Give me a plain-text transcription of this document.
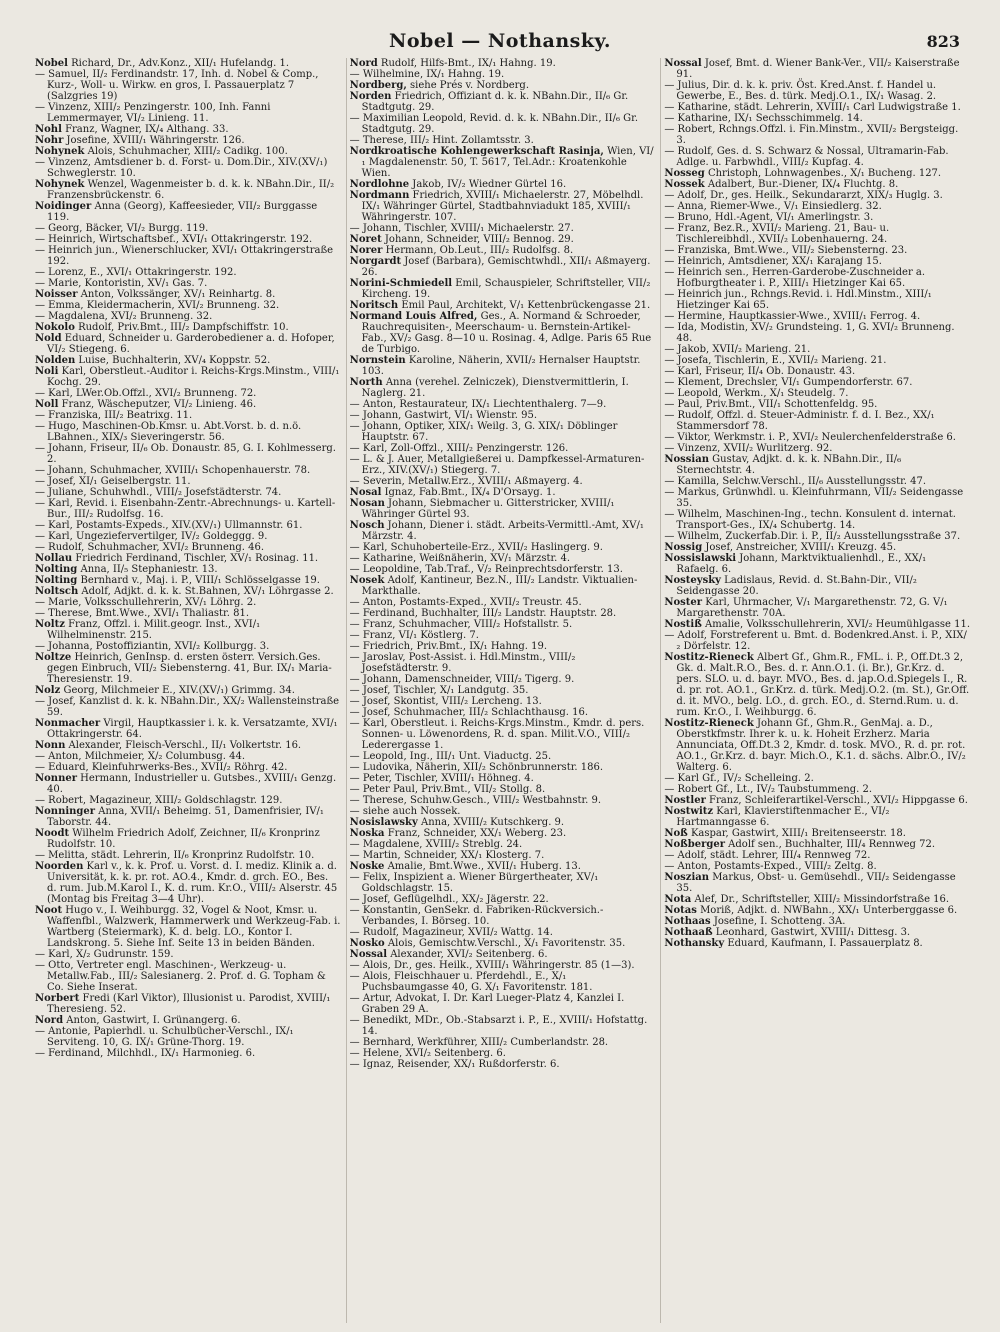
Nobel — Nothansky.	823

Nobel Richard, Dr., Adv.Konz., XII/₁ Hufelandg. 1.

— Samuel, II/₂ Ferdinandstr. 17, Inh. d. Nobel & Comp., Kurz-, Woll- u. Wirkw. en gros, I. Passauerplatz 7 (Salzgries 19)

— Vinzenz, XIII/₂ Penzingerstr. 100, Inh. Fanni Lemmermayer, VI/₂ Linieng. 11.

Nohl Franz, Wagner, IX/₄ Althang. 33.

Nohr Josefine, XVIII/₁ Währingerstr. 126.

Nohynek Alois, Schuhmacher, XIII/₂ Cadikg. 100.

— Vinzenz, Amtsdiener b. d. Forst- u. Dom.Dir., XIV.(XV/₁) Schweglerstr. 10.

Nohynek Wenzel, Wagenmeister b. d. k. k. NBahn.Dir., II/₂ Franzensbrückenstr. 6.

Noidinger Anna (Georg), Kaffeesieder, VII/₂ Burggasse 119.

— Georg, Bäcker, VI/₂ Burgg. 119.

— Heinrich, Wirtschaftsbef., XVI/₁ Ottakringerstr. 192.

— Heinrich jun., Wienerschlucker, XVI/₁ Ottakringerstraße 192.

— Lorenz, E., XVI/₁ Ottakringerstr. 192.

— Marie, Kontoristin, XV/₁ Gas. 7.

Noisser Anton, Volkssänger, XV/₁ Reinhartg. 8.

— Emma, Kleidermacherin, XVI/₂ Brunneng. 32.

— Magdalena, XVI/₂ Brunneng. 32.

Nokolo Rudolf, Priv.Bmt., III/₂ Dampfschiffstr. 10.

Nold Eduard, Schneider u. Garderobediener a. d. Hofoper, VI/₂ Stiegeng. 6.

Nolden Luise, Buchhalterin, XV/₄ Koppstr. 52.

Noli Karl, Oberstleut.-Auditor i. Reichs-Krgs.Minstm., VIII/₁ Kochg. 29.

— Karl, LWer.Ob.Offzl., XVI/₂ Brunneng. 72.

Noll Franz, Wäscheputzer, VI/₂ Linieng. 46.

— Franziska, III/₂ Beatrixg. 11.

— Hugo, Maschinen-Ob.Kmsr. u. Abt.Vorst. b. d. n.ö. LBahnen., XIX/₃ Sieveringerstr. 56.

— Johann, Friseur, II/₆ Ob. Donaustr. 85, G. I. Kohlmesserg. 2.

— Johann, Schuhmacher, XVIII/₁ Schopenhauerstr. 78.

— Josef, XI/₁ Geiselbergstr. 11.

— Juliane, Schuhwhdl., VIII/₂ Josefstädterstr. 74.

— Karl, Revid. i. Eisenbahn-Zentr.-Abrechnungs- u. Kartell-Bur., III/₂ Rudolfsg. 16.

— Karl, Postamts-Expeds., XIV.(XV/₁) Ullmannstr. 61.

— Karl, Ungeziefervertilger, IV/₂ Goldeggg. 9.

— Rudolf, Schuhmacher, XVI/₂ Brunneng. 46.

Nollau Friedrich Ferdinand, Tischler, XV/₁ Rosinag. 11.

Nolting Anna, II/₅ Stephaniestr. 13.

Nolting Bernhard v., Maj. i. P., VIII/₁ Schlösselgasse 19.

Noltsch Adolf, Adjkt. d. k. k. St.Bahnen, XV/₁ Löhrgasse 2.

— Marie, Volksschullehrerin, XV/₁ Löhrg. 2.

— Therese, Bmt.Wwe., XVI/₁ Thaliastr. 81.

Noltz Franz, Offzl. i. Milit.geogr. Inst., XVI/₁ Wilhelminenstr. 215.

— Johanna, Postoffiziantin, XVI/₂ Kollburgg. 3.

Noltze Heinrich, GenInsp. d. ersten österr. Versich.Ges. gegen Einbruch, VII/₂ Siebensterng. 41, Bur. IX/₁ Maria-Theresienstr. 19.

Nolz Georg, Milchmeier E., XIV.(XV/₁) Grimmg. 34.

— Josef, Kanzlist d. k. k. NBahn.Dir., XX/₂ Wallensteinstraße 59.

Nonmacher Virgil, Hauptkassier i. k. k. Versatzamte, XVI/₁ Ottakringerstr. 64.

Nonn Alexander, Fleisch-Verschl., II/₁ Volkertstr. 16.

— Anton, Milchmeier, X/₂ Columbusg. 44.

— Eduard, Kleinfuhrwerks-Bes., XVII/₂ Röhrg. 42.

Nonner Hermann, Industrieller u. Gutsbes., XVIII/₁ Genzg. 40.

— Robert, Magazineur, XIII/₂ Goldschlagstr. 129.

Nonninger Anna, XVII/₁ Beheimg. 51, Damenfrisier, IV/₁ Taborstr. 44.

Noodt Wilhelm Friedrich Adolf, Zeichner, II/₆ Kronprinz Rudolfstr. 10.

— Melitta, städt. Lehrerin, II/₆ Kronprinz Rudolfstr. 10.

Noorden Karl v., k. k. Prof. u. Vorst. d. I. mediz. Klinik a. d. Universität, k. k. pr. rot. AO.4., Kmdr. d. grch. EO., Bes. d. rum. Jub.M.Karol I., K. d. rum. Kr.O., VIII/₂ Alserstr. 45 (Montag bis Freitag 3—4 Uhr).

Noot Hugo v., I. Weihburgg. 32, Vogel & Noot, Kmsr. u. Waffenfbl., Walzwerk, Hammerwerk und Werkzeug-Fab. i. Wartberg (Steiermark), K. d. belg. LO., Kontor I. Landskrong. 5. Siehe Inf. Seite 13 in beiden Bänden.

— Karl, X/₂ Gudrunstr. 159.

— Otto, Vertreter engl. Maschinen-, Werkzeug- u. Metallw.Fab., III/₂ Salesianerg. 2. Prof. d. G. Topham & Co. Siehe Inserat.

Norbert Fredi (Karl Viktor), Illusionist u. Parodist, XVIII/₁ Theresieng. 52.

Nord Anton, Gastwirt, I. Grünangerg. 6.

— Antonie, Papierhdl. u. Schulbücher-Verschl., IX/₁ Serviteng. 10, G. IX/₁ Grüne-Thorg. 19.

— Ferdinand, Milchhdl., IX/₁ Harmonieg. 6.

Nord Rudolf, Hilfs-Bmt., IX/₁ Hahng. 19.

— Wilhelmine, IX/₁ Hahng. 19.

Nordberg, siehe Prés v. Nordberg.

Norden Friedrich, Offiziant d. k. k. NBahn.Dir., II/₆ Gr. Stadtgutg. 29.

— Maximilian Leopold, Revid. d. k. k. NBahn.Dir., II/₆ Gr. Stadtgutg. 29.

— Therese, III/₂ Hint. Zollamtsstr. 3.

Nordkroatische Kohlengewerkschaft Rasinja, Wien, VI/₁ Magdalenenstr. 50, T. 5617, Tel.Adr.: Kroatenkohle Wien.

Nordlohne Jakob, IV/₂ Wiedner Gürtel 16.

Nordmann Friedrich, XVIII/₁ Michaelerstr. 27, Möbelhdl. IX/₁ Währinger Gürtel, Stadtbahnviadukt 185, XVIII/₁ Währingerstr. 107.

— Johann, Tischler, XVIII/₁ Michaelerstr. 27.

Noret Johann, Schneider, VIII/₂ Bennog. 29.

Norer Hermann, Ob.Leut., III/₂ Rudolfsg. 8.

Norgardt Josef (Barbara), Gemischtwhdl., XII/₁ Aßmayerg. 26.

Norini-Schmiedell Emil, Schauspieler, Schriftsteller, VII/₂ Kircheng. 19.

Noritsch Emil Paul, Architekt, V/₁ Kettenbrückengasse 21.

Normand Louis Alfred, Ges., A. Normand & Schroeder, Rauchrequisiten-, Meerschaum- u. Bernstein-Artikel-Fab., XV/₂ Gasg. 8—10 u. Rosinag. 4, Adlge. Paris 65 Rue de Turbigo.

Nornstein Karoline, Näherin, XVII/₂ Hernalser Hauptstr. 103.

North Anna (verehel. Zelniczek), Dienstvermittlerin, I. Naglerg. 21.

— Anton, Restaurateur, IX/₁ Liechtenthalerg. 7—9.

— Johann, Gastwirt, VI/₁ Wienstr. 95.

— Johann, Optiker, XIX/₁ Weilg. 3, G. XIX/₁ Döblinger Hauptstr. 67.

— Karl, Zoll-Offzl., XIII/₂ Penzingerstr. 126.

— L. & J. Auer, Metallgießerei u. Dampfkessel-Armaturen-Erz., XIV.(XV/₁) Stiegerg. 7.

— Severin, Metallw.Erz., XVIII/₁ Aßmayerg. 4.

Nosal Ignaz, Fab.Bmt., IX/₄ D'Orsayg. 1.

Nosan Johann, Siebmacher u. Gitterstricker, XVIII/₁ Währinger Gürtel 93.

Nosch Johann, Diener i. städt. Arbeits-Vermittl.-Amt, XV/₁ Märzstr. 4.

— Karl, Schuhoberteile-Erz., XVII/₂ Haslingerg. 9.

— Katharine, Weißnäherin, XV/₁ Märzstr. 4.

— Leopoldine, Tab.Traf., V/₂ Reinprechtsdorferstr. 13.

Nosek Adolf, Kantineur, Bez.N., III/₂ Landstr. Viktualien-Markthalle.

— Anton, Postamts-Exped., XVII/₂ Treustr. 45.

— Ferdinand, Buchhalter, III/₂ Landstr. Hauptstr. 28.

— Franz, Schuhmacher, VIII/₂ Hofstallstr. 5.

— Franz, VI/₁ Köstlerg. 7.

— Friedrich, Priv.Bmt., IX/₁ Hahng. 19.

— Jaroslav, Post-Assist. i. Hdl.Minstm., VIII/₂ Josefstädterstr. 9.

— Johann, Damenschneider, VIII/₂ Tigerg. 9.

— Josef, Tischler, X/₁ Landgutg. 35.

— Josef, Skontist, VIII/₂ Lercheng. 13.

— Josef, Schuhmacher, III/₂ Schlachthausg. 16.

— Karl, Oberstleut. i. Reichs-Krgs.Minstm., Kmdr. d. pers. Sonnen- u. Löwenordens, R. d. span. Milit.V.O., VIII/₂ Lederergasse 1.

— Leopold, Ing., III/₁ Unt. Viaductg. 25.

— Ludovika, Näherin, XII/₂ Schönbrunnerstr. 186.

— Peter, Tischler, XVIII/₁ Höhneg. 4.

— Peter Paul, Priv.Bmt., VII/₂ Stollg. 8.

— Therese, Schuhw.Gesch., VIII/₂ Westbahnstr. 9.

— siehe auch Nossek.

Nosislawsky Anna, XVIII/₂ Kutschkerg. 9.

Noska Franz, Schneider, XX/₁ Weberg. 23.

— Magdalene, XVIII/₂ Streblg. 24.

— Martin, Schneider, XX/₁ Klosterg. 7.

Noske Amalie, Bmt.Wwe., XVII/₁ Huberg. 13.

— Felix, Inspizient a. Wiener Bürgertheater, XV/₁ Goldschlagstr. 15.

— Josef, Geflügelhdl., XX/₂ Jägerstr. 22.

— Konstantin, GenSekr. d. Fabriken-Rückversich.-Verbandes, I. Börseg. 10.

— Rudolf, Magazineur, XVII/₂ Wattg. 14.

Nosko Alois, Gemischtw.Verschl., X/₁ Favoritenstr. 35.

Nossal Alexander, XVI/₂ Seitenberg. 6.

— Alois, Dr., ges. Heilk., XVIII/₁ Währingerstr. 85 (1—3).

— Alois, Fleischhauer u. Pferdehdl., E., X/₁ Puchsbaumgasse 40, G. X/₁ Favoritenstr. 181.

— Artur, Advokat, I. Dr. Karl Lueger-Platz 4, Kanzlei I. Graben 29 A.

— Benedikt, MDr., Ob.-Stabsarzt i. P., E., XVIII/₁ Hofstattg. 14.

— Bernhard, Werkführer, XIII/₂ Cumberlandstr. 28.

— Helene, XVI/₂ Seitenberg. 6.

— Ignaz, Reisender, XX/₁ Rußdorferstr. 6.

Nossal Josef, Bmt. d. Wiener Bank-Ver., VII/₂ Kaiserstraße 91.

— Julius, Dir. d. k. k. priv. Öst. Kred.Anst. f. Handel u. Gewerbe, E., Bes. d. türk. Medj.O.1., IX/₁ Wasag. 2.

— Katharine, städt. Lehrerin, XVIII/₁ Carl Ludwigstraße 1.

— Katharine, IX/₁ Sechsschimmelg. 14.

— Robert, Rchngs.Offzl. i. Fin.Minstm., XVII/₂ Bergsteigg. 3.

— Rudolf, Ges. d. S. Schwarz & Nossal, Ultramarin-Fab. Adlge. u. Farbwhdl., VIII/₂ Kupfag. 4.

Nosseg Christoph, Lohnwagenbes., X/₁ Bucheng. 127.

Nossek Adalbert, Bur.-Diener, IX/₄ Fluchtg. 8.

— Adolf, Dr., ges. Heilk., Sekundararzt, XIX/₃ Huglg. 3.

— Anna, Riemer-Wwe., V/₁ Einsiedlerg. 32.

— Bruno, Hdl.-Agent, VI/₁ Amerlingstr. 3.

— Franz, Bez.R., XVII/₂ Marieng. 21, Bau- u. Tischlereibhdl., XVII/₂ Lobenhauerng. 24.

— Franziska, Bmt.Wwe., VII/₂ Siebensterng. 23.

— Heinrich, Amtsdiener, XX/₁ Karajang 15.

— Heinrich sen., Herren-Garderobe-Zuschneider a. Hofburgtheater i. P., XIII/₁ Hietzinger Kai 65.

— Heinrich jun., Rchngs.Revid. i. Hdl.Minstm., XIII/₁ Hietzinger Kai 65.

— Hermine, Hauptkassier-Wwe., XVIII/₁ Ferrog. 4.

— Ida, Modistin, XV/₂ Grundsteing. 1, G. XVI/₂ Brunneng. 48.

— Jakob, XVII/₂ Marieng. 21.

— Josefa, Tischlerin, E., XVII/₂ Marieng. 21.

— Karl, Friseur, II/₄ Ob. Donaustr. 43.

— Klement, Drechsler, VI/₁ Gumpendorferstr. 67.

— Leopold, Werkm., X/₁ Steudelg. 7.

— Paul, Priv.Bmt., VII/₁ Schottenfeldg. 95.

— Rudolf, Offzl. d. Steuer-Administr. f. d. I. Bez., XX/₁ Stammersdorf 78.

— Viktor, Werkmstr. i. P., XVI/₂ Neulerchenfelderstraße 6.

— Vinzenz, XVII/₂ Wurlitzerg. 92.

Nossian Gustav, Adjkt. d. k. k. NBahn.Dir., II/₆ Sternechtstr. 4.

— Kamilla, Selchw.Verschl., II/₆ Ausstellungsstr. 47.

— Markus, Grünwhdl. u. Kleinfuhrmann, VII/₂ Seidengasse 35.

— Wilhelm, Maschinen-Ing., techn. Konsulent d. internat. Transport-Ges., IX/₄ Schubertg. 14.

— Wilhelm, Zuckerfab.Dir. i. P., II/₂ Ausstellungsstraße 37.

Nossig Josef, Anstreicher, XVIII/₁ Kreuzg. 45.

Nossislawski Johann, Marktviktualienhdl., E., XX/₁ Rafaelg. 6.

Nosteysky Ladislaus, Revid. d. St.Bahn-Dir., VII/₂ Seidengasse 20.

Noster Karl, Uhrmacher, V/₁ Margarethenstr. 72, G. V/₁ Margarethenstr. 70A.

Nostiß Amalie, Volksschullehrerin, XVI/₂ Heumühlgasse 11.

— Adolf, Forstreferent u. Bmt. d. Bodenkred.Anst. i. P., XIX/₂ Dörfelstr. 12.

Nostitz-Rieneck Albert Gf., Ghm.R., FML. i. P., Off.Dt.3 2, Gk. d. Malt.R.O., Bes. d. r. Ann.O.1. (i. Br.), Gr.Krz. d. pers. SLO. u. d. bayr. MVO., Bes. d. jap.O.d.Spiegels I., R. d. pr. rot. AO.1., Gr.Krz. d. türk. Medj.O.2. (m. St.), Gr.Off. d. it. MVO., belg. LO., d. grch. EO., d. Sternd.Rum. u. d. rum. Kr.O., I. Weihburgg. 6.

Nostitz-Rieneck Johann Gf., Ghm.R., GenMaj. a. D., Oberstkfmstr. Ihrer k. u. k. Hoheit Erzherz. Maria Annunciata, Off.Dt.3 2, Kmdr. d. tosk. MVO., R. d. pr. rot. AO.1., Gr.Krz. d. bayr. Mich.O., K.1. d. sächs. Albr.O., IV/₂ Walterg. 6.

— Karl Gf., IV/₂ Schelleing. 2.

— Robert Gf., Lt., IV/₂ Taubstummeng. 2.

Nostler Franz, Schleiferartikel-Verschl., XVI/₂ Hippgasse 6.

Nostwitz Karl, Klavierstiftenmacher E., VI/₂ Hartmanngasse 6.

Noß Kaspar, Gastwirt, XIII/₁ Breitenseerstr. 18.

Noßberger Adolf sen., Buchhalter, III/₄ Rennweg 72.

— Adolf, städt. Lehrer, III/₄ Rennweg 72.

— Anton, Postamts-Exped., VIII/₂ Zeltg. 8.

Noszian Markus, Obst- u. Gemüsehdl., VII/₂ Seidengasse 35.

Nota Alef, Dr., Schriftsteller, XIII/₂ Missindorfstraße 16.

Notas Moriß, Adjkt. d. NWBahn., XX/₁ Unterberggasse 6.

Nothaas Josefine, I. Schotteng. 3A.

Nothaaß Leonhard, Gastwirt, XVIII/₁ Dittesg. 3.

Nothansky Eduard, Kaufmann, I. Passauerplatz 8.
